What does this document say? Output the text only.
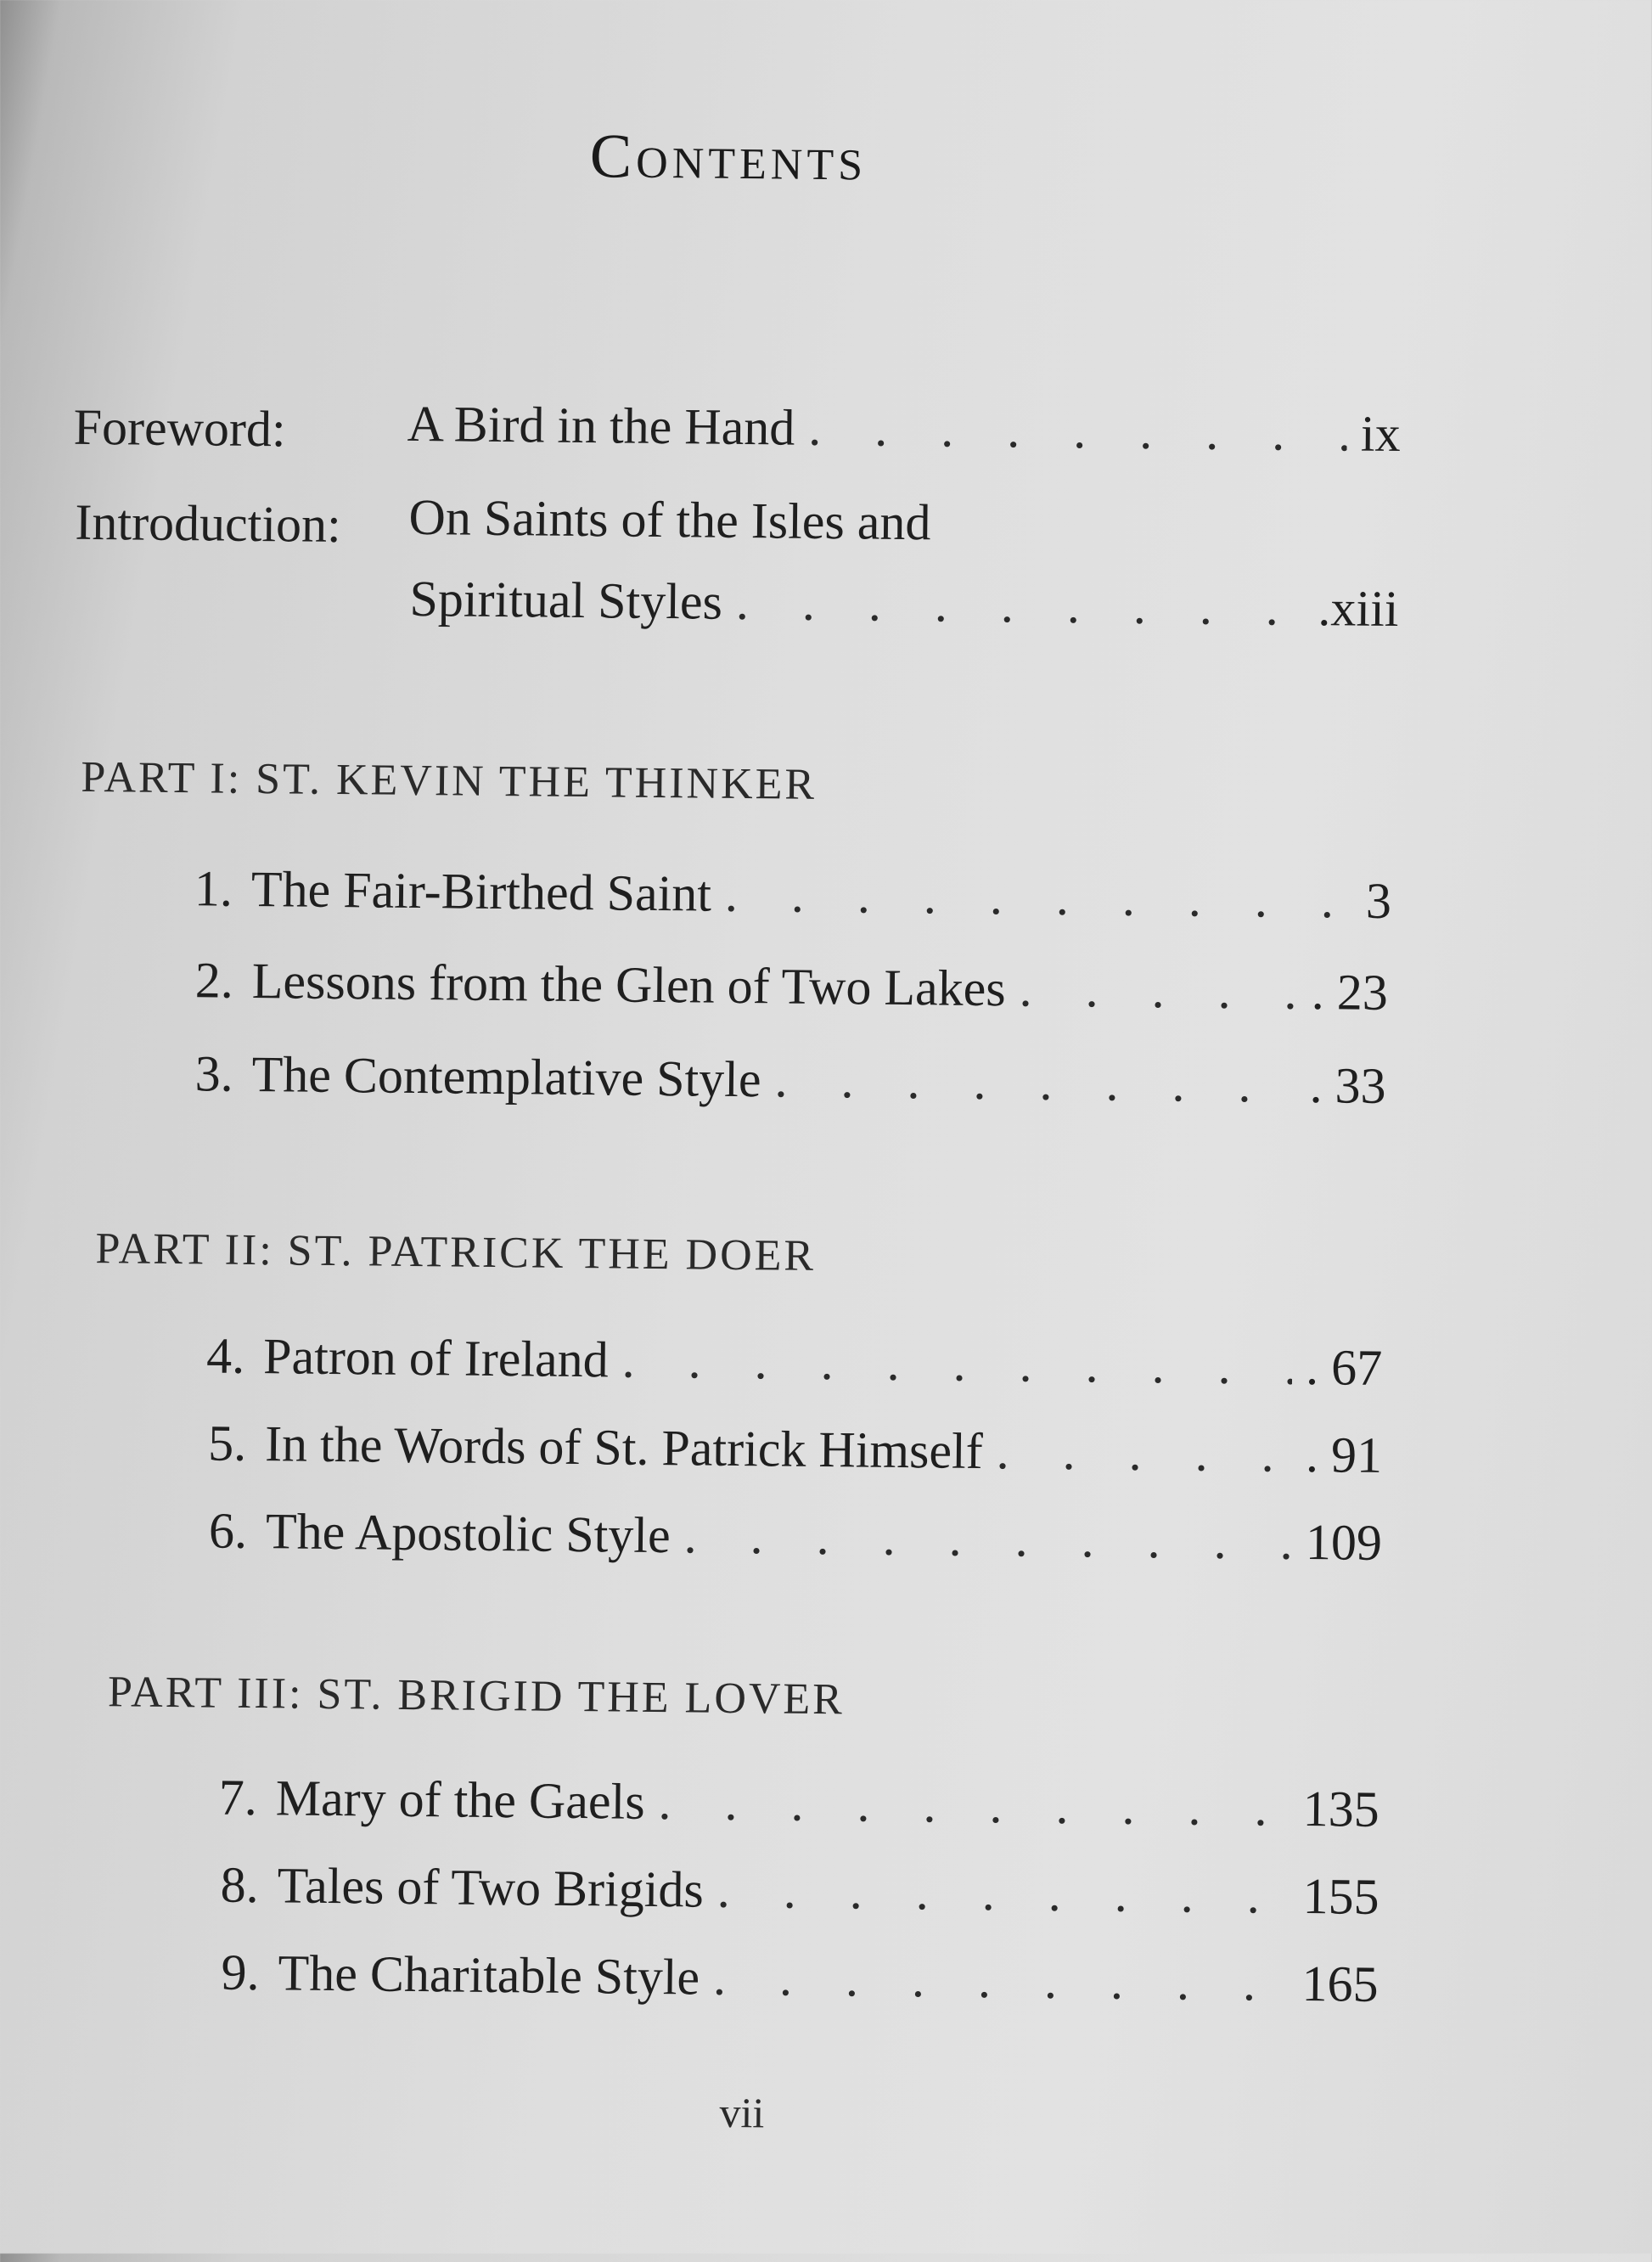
Contents
Foreword: A Bird in the Hand . . .	ix
Introduction: On Saints of the Isles and
Spiritual Styles . . .	.xiii
PART I: ST. KEVIN THE THINKER
1. The Fair-Birthed Saint . . .	3
2. Lessons from the Glen of Two Lakes . . .	. 23
3. The Contemplative Style . . .	. 33
PART II: ST. PATRICK THE DOER
4. Patron of Ireland . . .	. 67
5. In the Words of St. Patrick Himself . . .	. 91
6. The Apostolic Style . . .	109
PART III: ST. BRIGID THE LOVER
7. Mary of the Gaels . . .	135
8. Tales of Two Brigids . . .	155
9. The Charitable Style . . .	165
vii
